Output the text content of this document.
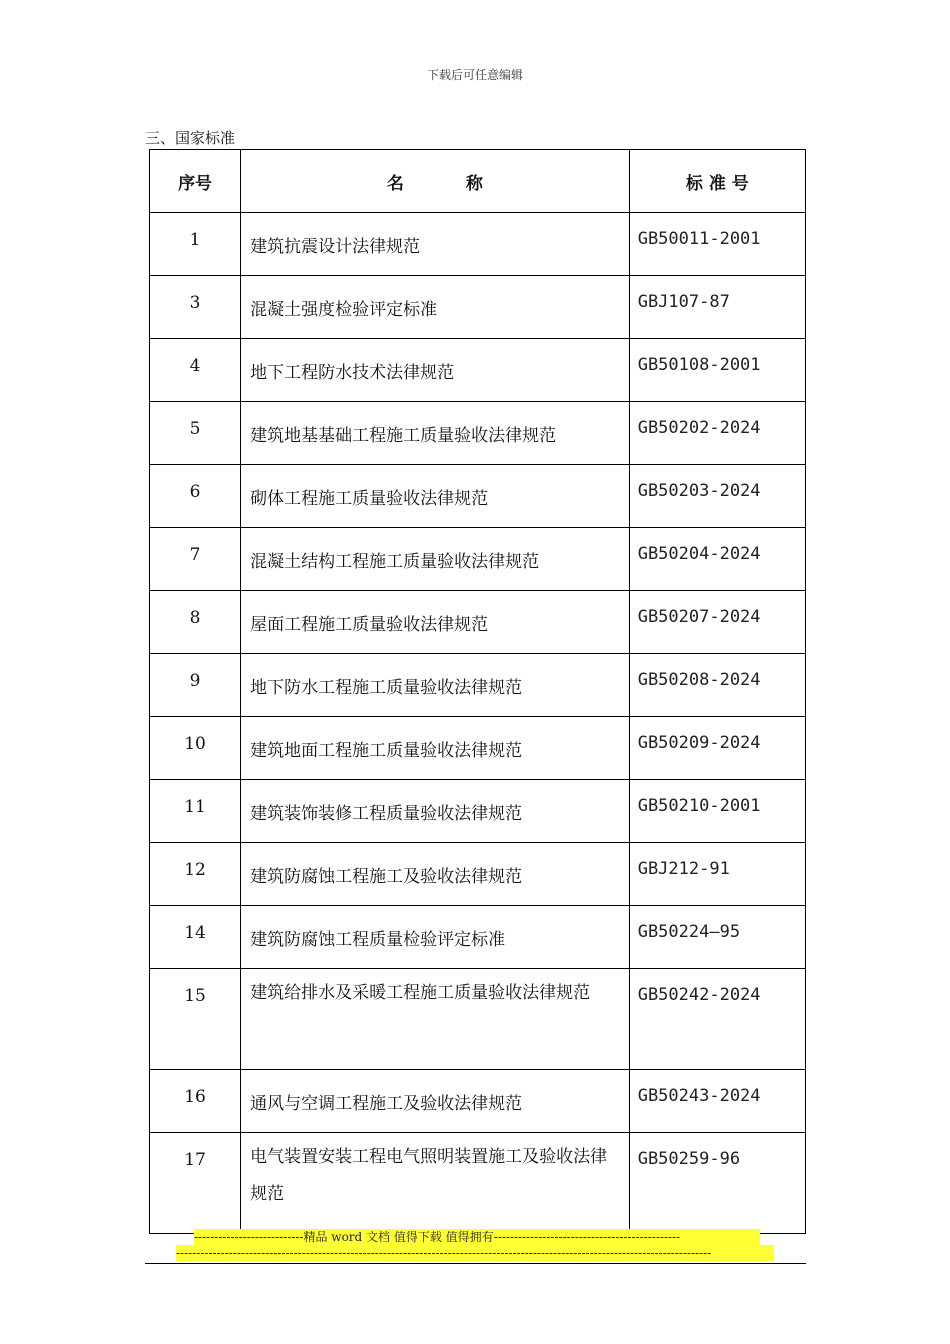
下载后可任意编辑
三、国家标准
序号	名 称	标 准 号
1	建筑抗震设计法律规范	GB50011-2001
3	混凝土强度检验评定标准	GBJ107-87
4	地下工程防水技术法律规范	GB50108-2001
5	建筑地基基础工程施工质量验收法律规范	GB50202-2024
6	砌体工程施工质量验收法律规范	GB50203-2024
7	混凝土结构工程施工质量验收法律规范	GB50204-2024
8	屋面工程施工质量验收法律规范	GB50207-2024
9	地下防水工程施工质量验收法律规范	GB50208-2024
10	建筑地面工程施工质量验收法律规范	GB50209-2024
11	建筑装饰装修工程质量验收法律规范	GB50210-2001
12	建筑防腐蚀工程施工及验收法律规范	GBJ212-91
14	建筑防腐蚀工程质量检验评定标准	GB50224—95
15	建筑给排水及采暖工程施工质量验收法律规范	GB50242-2024
16	通风与空调工程施工及验收法律规范	GB50243-2024
17	电气装置安装工程电气照明装置施工及验收法律规范	GB50259-96
---------------------------精品 word 文档 值得下载 值得拥有----------------------------------------------
------------------------------------------------------------------------------------------------------------------------------------
